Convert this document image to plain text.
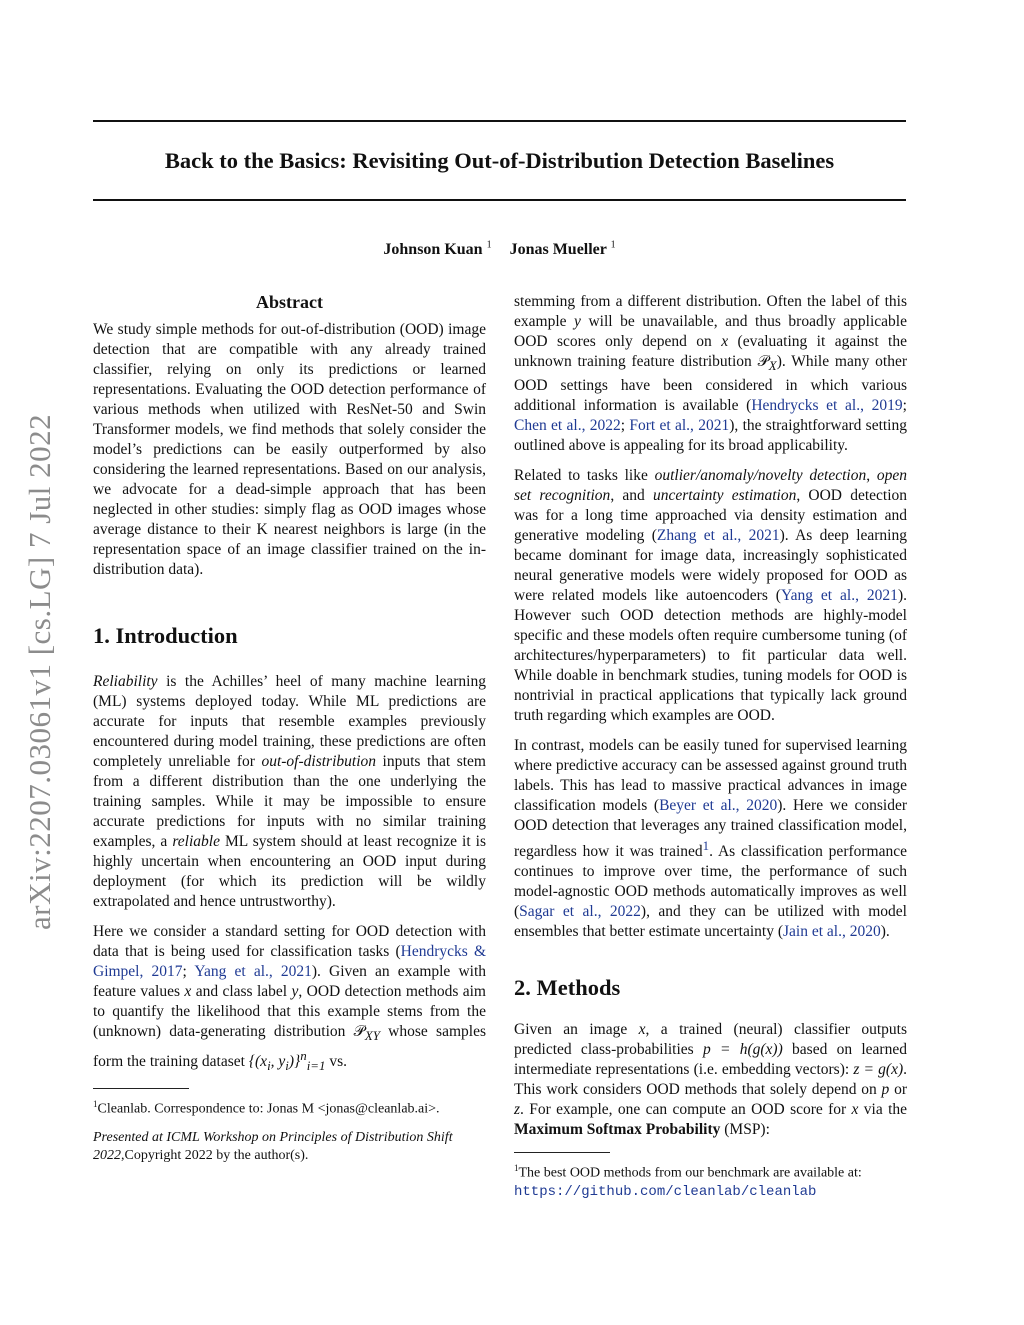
Back to the Basics: Revisiting Out-of-Distribution Detection Baselines
Johnson Kuan $^1$ Jonas Mueller $^1$
arXiv:2207.03061v1 [cs.LG] 7 Jul 2022
Abstract

We study simple methods for out-of-distribution (OOD) image detection that are compatible with any already trained classifier, relying on only its predictions or learned representations. Evaluating the OOD detection performance of various methods when utilized with ResNet-50 and Swin Transformer models, we find methods that solely consider the model’s predictions can be easily outperformed by also considering the learned representations. Based on our analysis, we advocate for a dead-simple approach that has been neglected in other studies: simply flag as OOD images whose average distance to their K nearest neighbors is large (in the representation space of an image classifier trained on the in-distribution data).

1. Introduction

Reliability is the Achilles’ heel of many machine learning (ML) systems deployed today. While ML predictions are accurate for inputs that resemble examples previously encountered during model training, these predictions are often completely unreliable for out-of-distribution inputs that stem from a different distribution than the one underlying the training samples. While it may be impossible to ensure accurate predictions for inputs with no similar training examples, a reliable ML system should at least recognize it is highly uncertain when encountering an OOD input during deployment (for which its prediction will be wildly extrapolated and hence untrustworthy).

Here we consider a standard setting for OOD detection with data that is being used for classification tasks (Hendrycks & Gimpel, 2017; Yang et al., 2021). Given an example with feature values x and class label y, OOD detection methods aim to quantify the likelihood that this example stems from the (unknown) data-generating distribution 𝒫$_{XY}$ whose samples form the training dataset {($x_i$, $y_i)\}^n_{i=1}$ vs.

$^1$Cleanlab. Correspondence to: Jonas M <jonas@cleanlab.ai>.

Presented at ICML Workshop on Principles of Distribution Shift 2022,Copyright 2022 by the author(s).

stemming from a different distribution. Often the label of this example y will be unavailable, and thus broadly applicable OOD scores only depend on x (evaluating it against the unknown training feature distribution 𝒫$_X$). While many other OOD settings have been considered in which various additional information is available (Hendrycks et al., 2019; Chen et al., 2022; Fort et al., 2021), the straightforward setting outlined above is appealing for its broad applicability.

Related to tasks like outlier/anomaly/novelty detection, open set recognition, and uncertainty estimation, OOD detection was for a long time approached via density estimation and generative modeling (Zhang et al., 2021). As deep learning became dominant for image data, increasingly sophisticated neural generative models were widely proposed for OOD as were related models like autoencoders (Yang et al., 2021). However such OOD detection methods are highly-model specific and these models often require cumbersome tuning (of architectures/hyperparameters) to fit particular data well. While doable in benchmark studies, tuning models for OOD is nontrivial in practical applications that typically lack ground truth regarding which examples are OOD.

In contrast, models can be easily tuned for supervised learning where predictive accuracy can be assessed against ground truth labels. This has lead to massive practical advances in image classification models (Beyer et al., 2020). Here we consider OOD detection that leverages any trained classification model, regardless how it was trained$^1$. As classification performance continues to improve over time, the performance of such model-agnostic OOD methods automatically improves as well (Sagar et al., 2022), and they can be utilized with model ensembles that better estimate uncertainty (Jain et al., 2020).

2. Methods

Given an image x, a trained (neural) classifier outputs predicted class-probabilities p = h(g(x)) based on learned intermediate representations (i.e. embedding vectors): z = g(x). This work considers OOD methods that solely depend on p or z. For example, one can compute an OOD score for x via the Maximum Softmax Probability (MSP):

$^1$The best OOD methods from our benchmark are available at:
https://github.com/cleanlab/cleanlab
